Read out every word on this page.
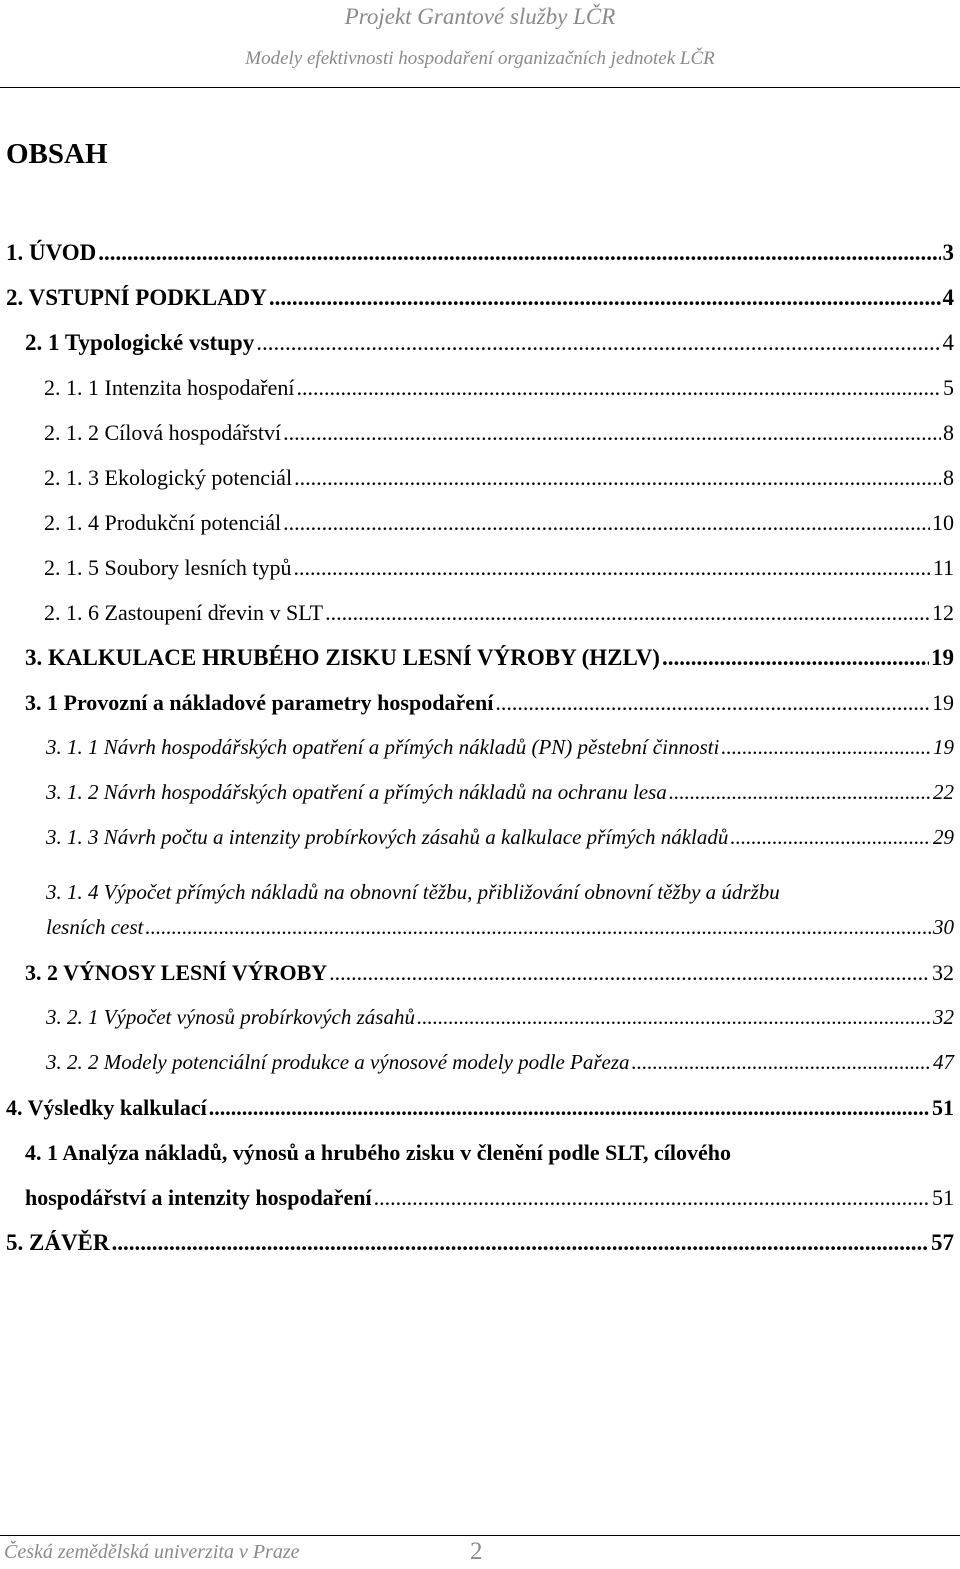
Projekt Grantové služby LČR
Modely efektivnosti hospodaření organizačních jednotek LČR
OBSAH
1. ÚVOD .....	3
2. VSTUPNÍ PODKLADY .....	4
2. 1 Typologické vstupy .....	4
2. 1. 1 Intenzita hospodaření .....	5
2. 1. 2 Cílová hospodářství .....	8
2. 1. 3 Ekologický potenciál .....	8
2. 1. 4 Produkční potenciál .....	10
2. 1. 5 Soubory lesních typů .....	11
2. 1. 6 Zastoupení dřevin v SLT .....	12
3. KALKULACE HRUBÉHO ZISKU LESNÍ VÝROBY (HZLV) .....	19
3. 1 Provozní a nákladové parametry hospodaření .....	19
3. 1. 1 Návrh hospodářských opatření a přímých nákladů (PN) pěstební činnosti .....	19
3. 1. 2 Návrh hospodářských opatření a přímých nákladů na ochranu lesa .....	22
3. 1. 3 Návrh počtu a intenzity probírkových zásahů a kalkulace přímých nákladů .....	29
3. 1. 4 Výpočet přímých nákladů na obnovní těžbu, přibližování obnovní těžby a údržbu
lesních cest .....	30
3. 2 VÝNOSY LESNÍ VÝROBY .....	32
3. 2. 1 Výpočet výnosů probírkových zásahů .....	32
3. 2. 2 Modely potenciální produkce a výnosové modely podle Pařeza .....	47
4. Výsledky kalkulací .....	51
4. 1 Analýza nákladů, výnosů a hrubého zisku v členění podle SLT, cílového
hospodářství a intenzity hospodaření .....	51
5. ZÁVĚR .....	57
Česká zemědělská univerzita v Praze	2
